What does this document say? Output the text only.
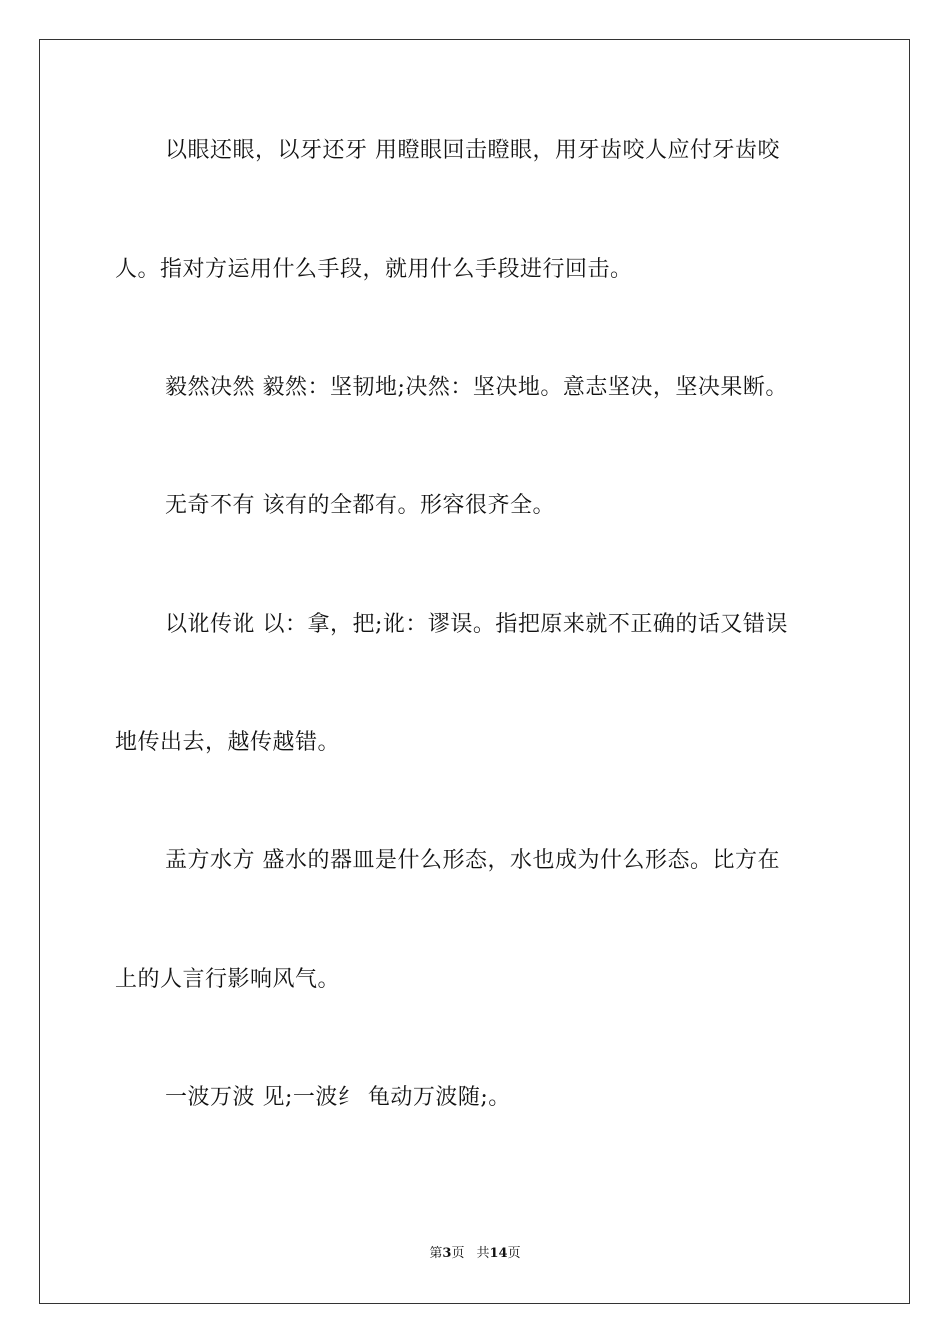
以眼还眼，以牙还牙 用瞪眼回击瞪眼，用牙齿咬人应付牙齿咬
人。指对方运用什么手段，就用什么手段进行回击。
毅然决然 毅然：坚韧地;决然：坚决地。意志坚决，坚决果断。
无奇不有 该有的全都有。形容很齐全。
以讹传讹 以：拿，把;讹：谬误。指把原来就不正确的话又错误
地传出去，越传越错。
盂方水方 盛水的器皿是什么形态，水也成为什么形态。比方在
上的人言行影响风气。
一波万波 见;一波纟 龟动万波随;。
第3页 共14页
